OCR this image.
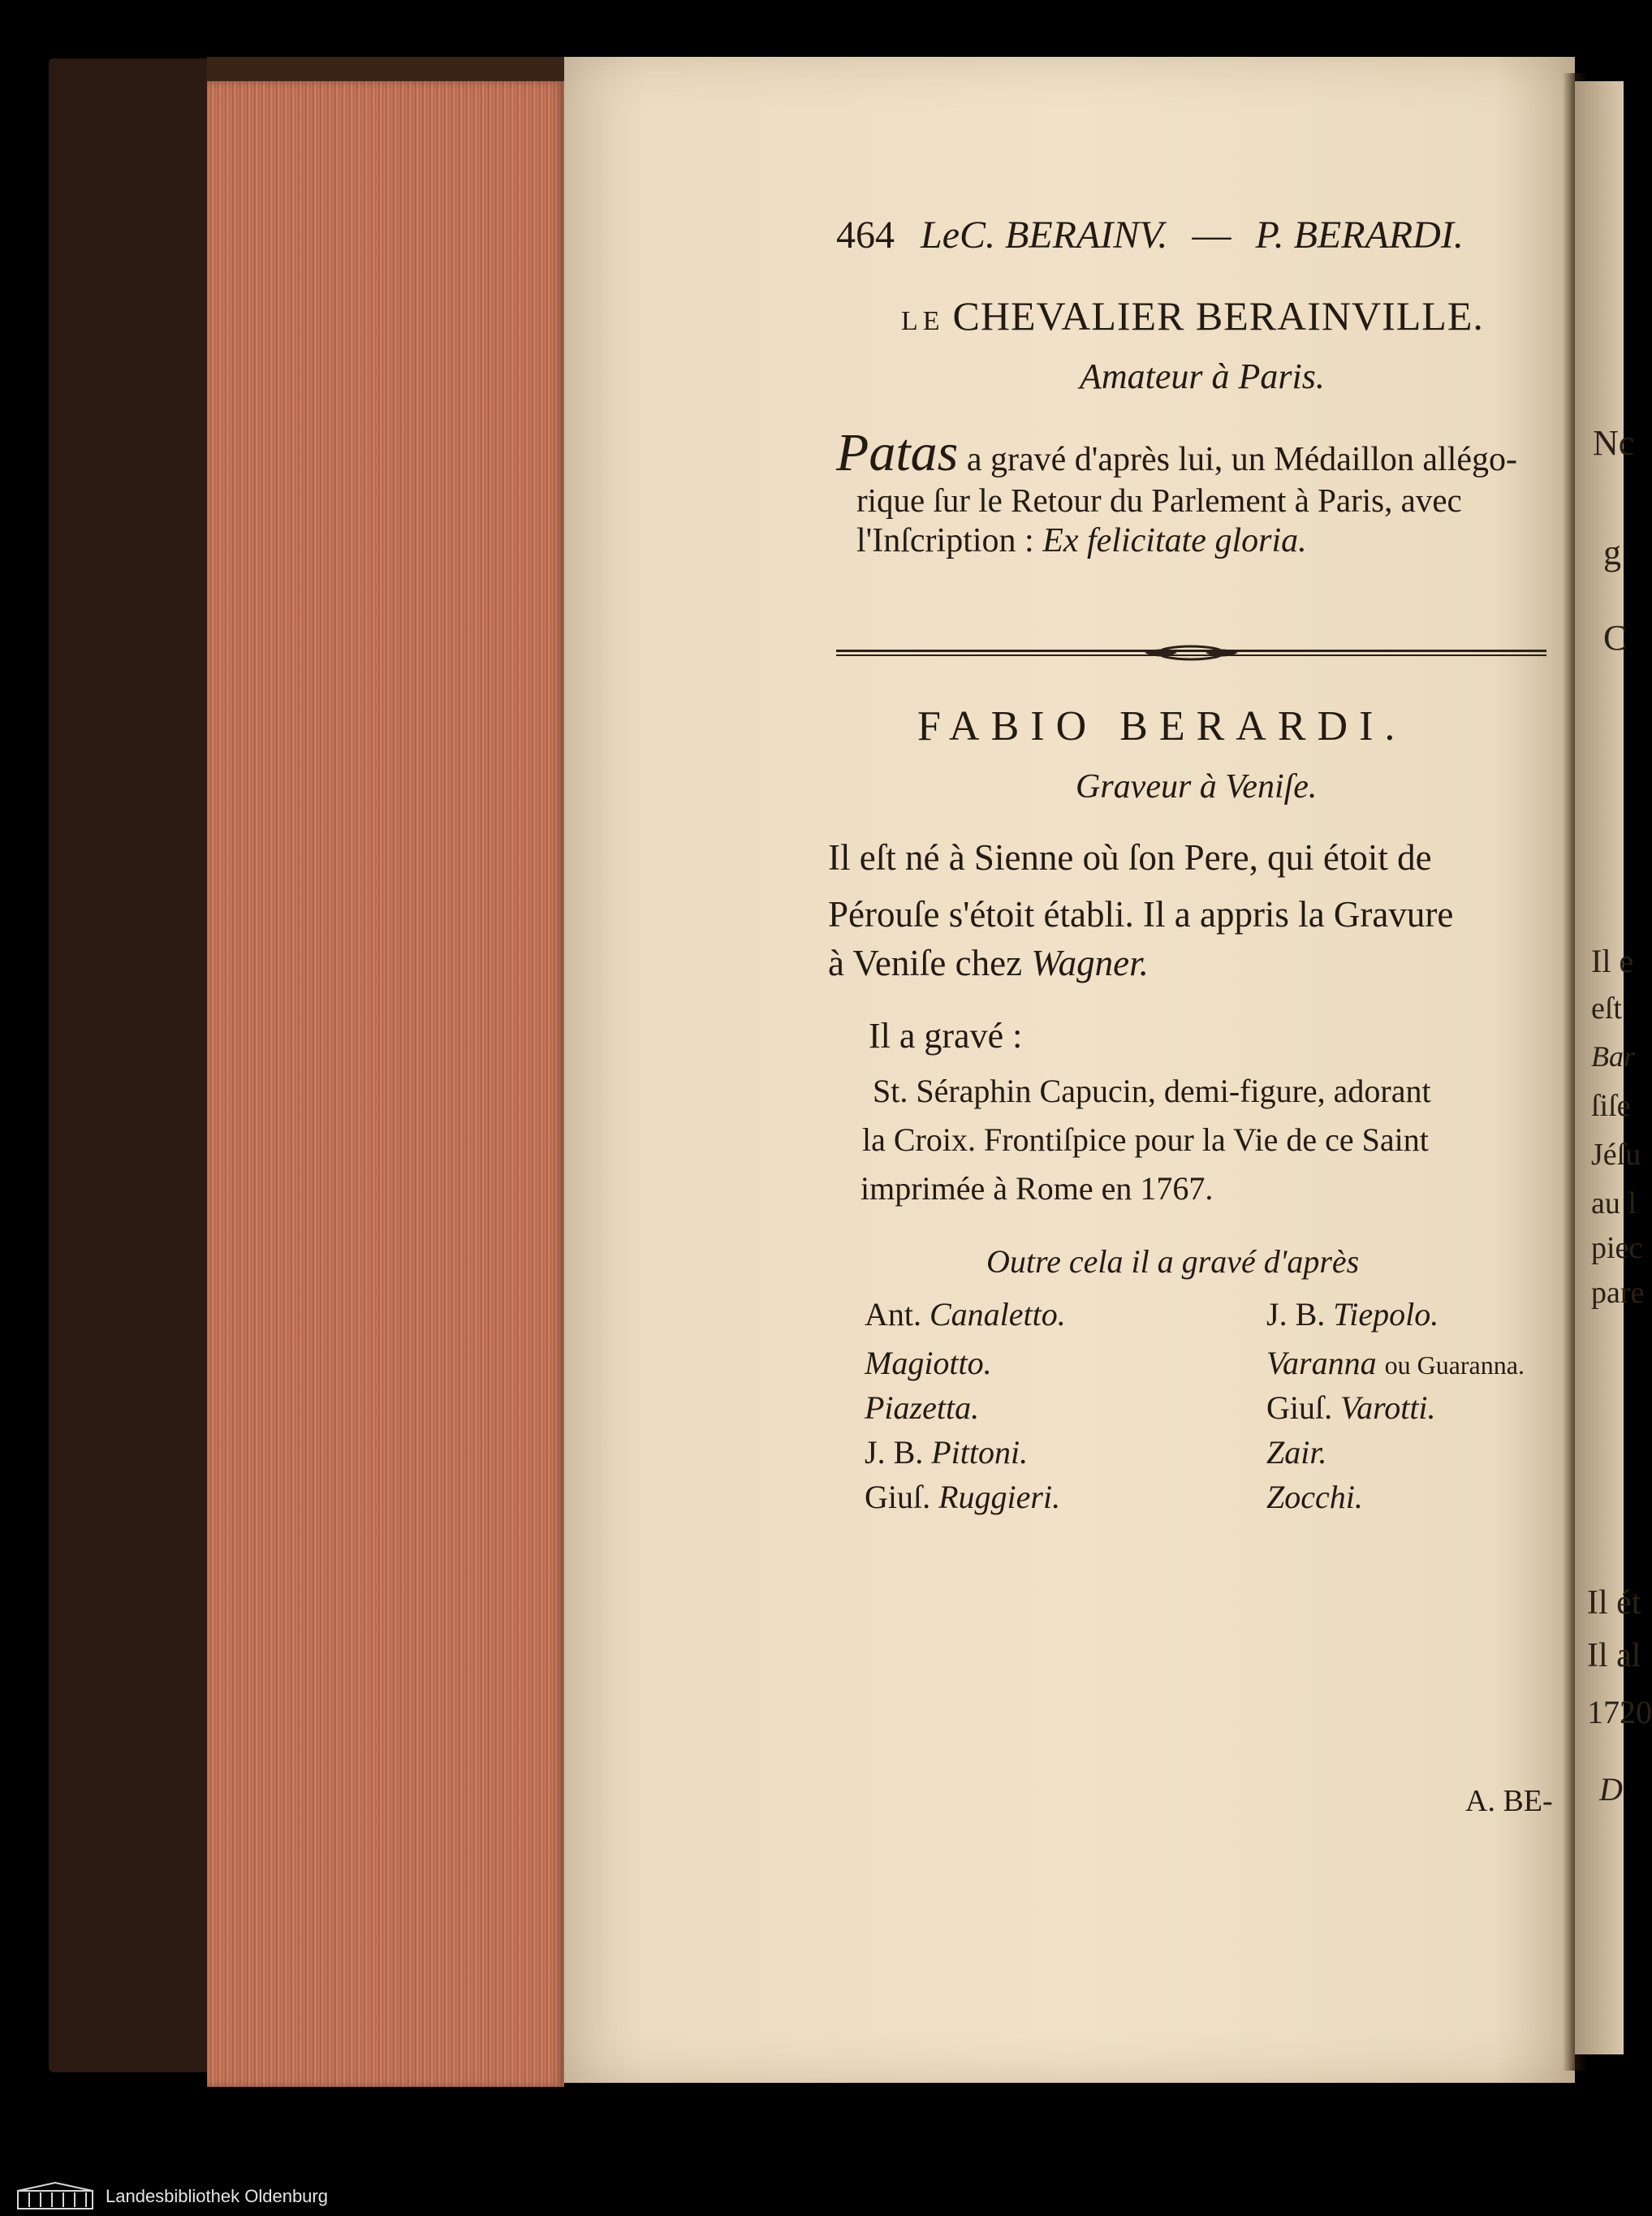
464 LeC. BERAINV. — P. BERARDI.
LE CHEVALIER BERAINVILLE.
Amateur à Paris.
Patas a gravé d'après lui, un Médaillon allégo-
rique ſur le Retour du Parlement à Paris, avec
l'Inſcription : Ex felicitate gloria.
FABIO BERARDI.
Graveur à Veniſe.
Il eſt né à Sienne où ſon Pere, qui étoit de
Pérouſe s'étoit établi. Il a appris la Gravure
à Veniſe chez Wagner.
Il a gravé :
St. Séraphin Capucin, demi-figure, adorant
la Croix. Frontiſpice pour la Vie de ce Saint
imprimée à Rome en 1767.
Outre cela il a gravé d'après
Ant. Canaletto.
Magiotto.
Piazetta.
J. B. Pittoni.
Giuſ. Ruggieri.
J. B. Tiepolo.
Varanna ou Guaranna.
Giuſ. Varotti.
Zair.
Zocchi.
A. BE-
Nc
g
C
Il e
eſt
Bar
ſiſe
Jéſu
au l
piec
pare
Il ét
Il al
1720
D
Landesbibliothek Oldenburg
